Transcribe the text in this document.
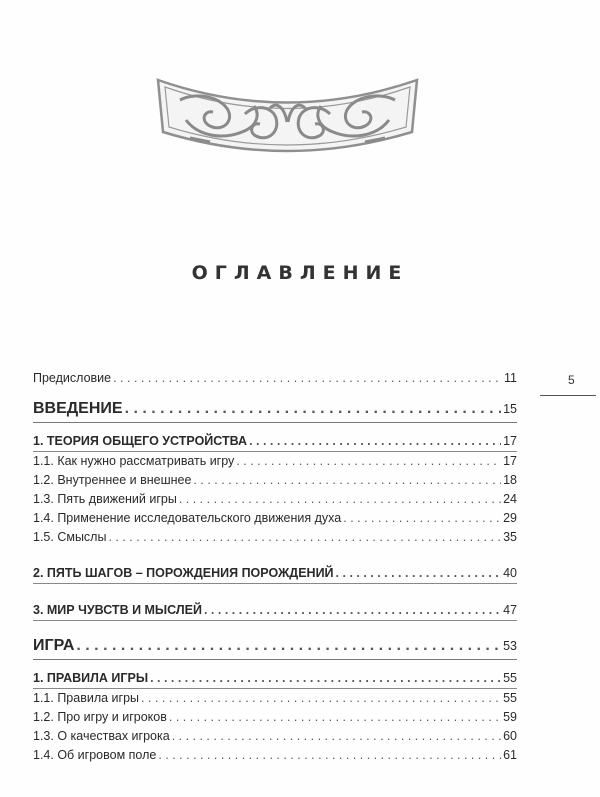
ОГЛАВЛЕНИЕ
5
Предисловие . . .	11
ВВЕДЕНИЕ . . .	15
1. ТЕОРИЯ ОБЩЕГО УСТРОЙСТВА . . .	17
1.1. Как нужно рассматривать игру . . .	17
1.2. Внутреннее и внешнее . . .	18
1.3. Пять движений игры . . .	24
1.4. Применение исследовательского движения духа . . .	29
1.5. Смыслы . . .	35
2. ПЯТЬ ШАГОВ – ПОРОЖДЕНИЯ ПОРОЖДЕНИЙ . . .	40
3. МИР ЧУВСТВ И МЫСЛЕЙ . . .	47
ИГРА . . .	53
1. ПРАВИЛА ИГРЫ . . .	55
1.1. Правила игры . . .	55
1.2. Про игру и игроков . . .	59
1.3. О качествах игрока . . .	60
1.4. Об игровом поле . . .	61
